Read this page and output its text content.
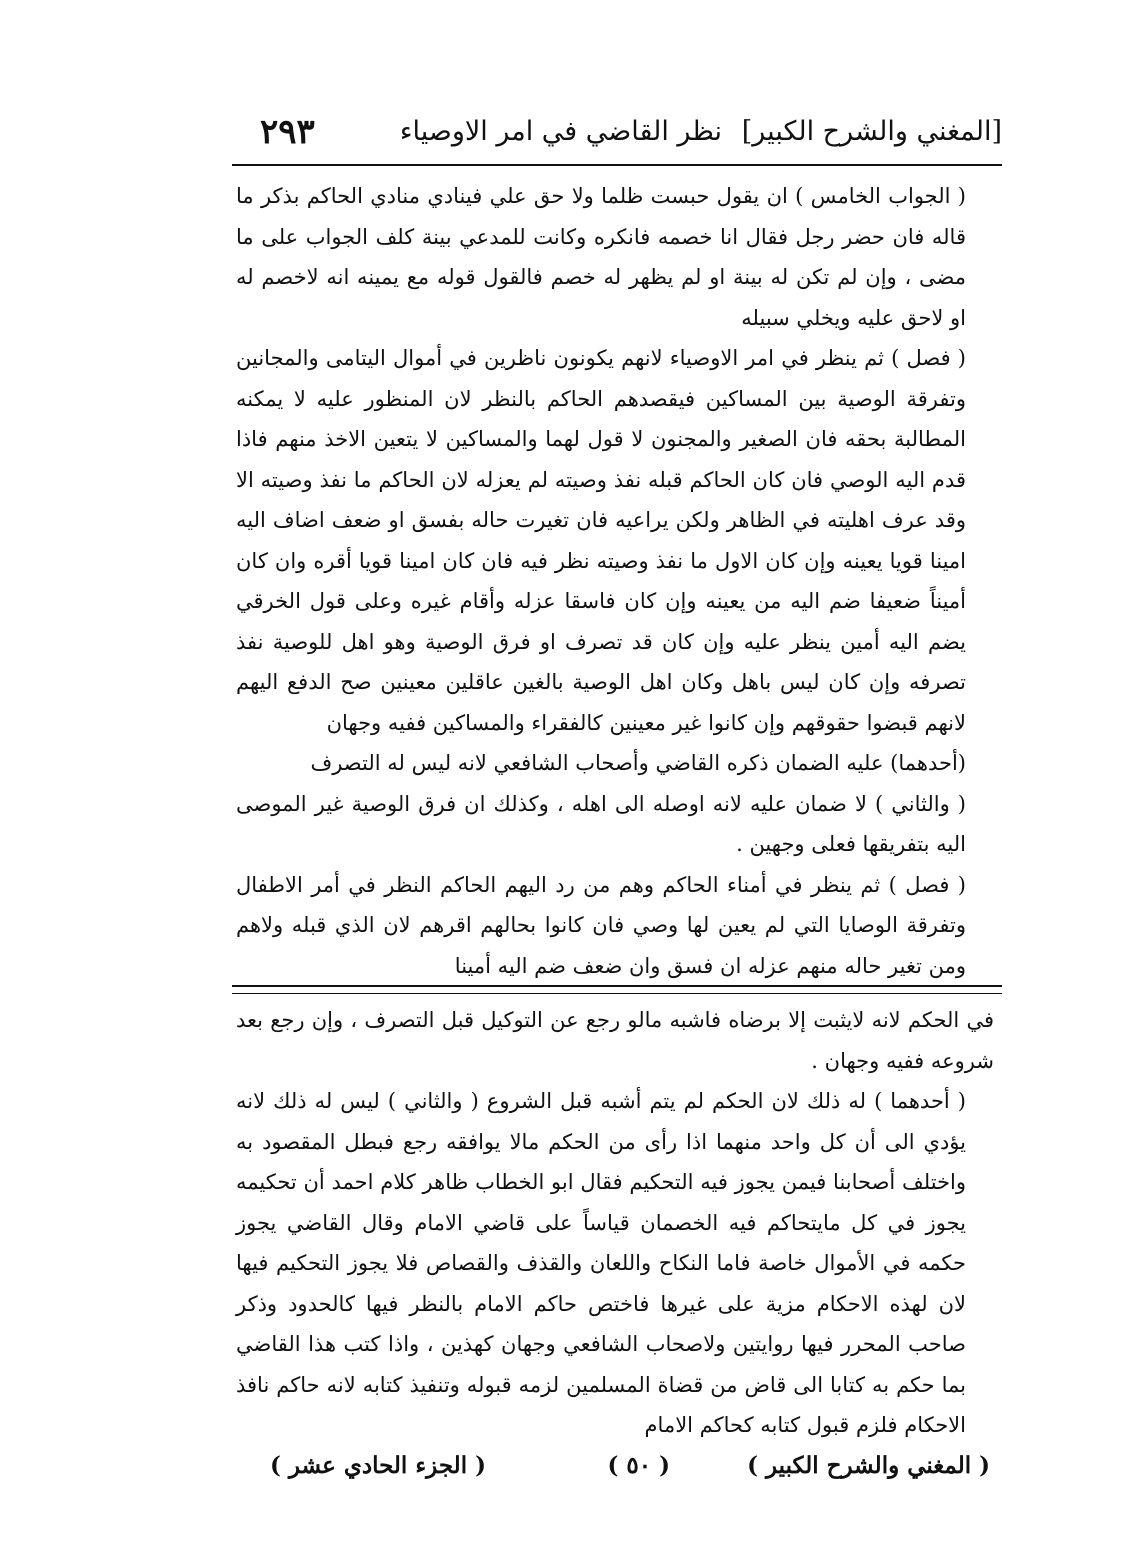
[المغني والشرح الكبير]
نظر القاضي في امر الاوصياء
٢٩٣

( الجواب الخامس ) ان يقول حبست ظلما ولا حق علي فينادي منادي الحاكم بذكر ما قاله فان حضر رجل فقال انا خصمه فانكره وكانت للمدعي بينة كلف الجواب على ما مضى ، وإن لم تكن له بينة او لم يظهر له خصم فالقول قوله مع يمينه انه لاخصم له او لاحق عليه ويخلي سبيله

( فصل ) ثم ينظر في امر الاوصياء لانهم يكونون ناظرين في أموال اليتامى والمجانين وتفرقة الوصية بين المساكين فيقصدهم الحاكم بالنظر لان المنظور عليه لا يمكنه المطالبة بحقه فان الصغير والمجنون لا قول لهما والمساكين لا يتعين الاخذ منهم فاذا قدم اليه الوصي فان كان الحاكم قبله نفذ وصيته لم يعزله لان الحاكم ما نفذ وصيته الا وقد عرف اهليته في الظاهر ولكن يراعيه فان تغيرت حاله بفسق او ضعف اضاف اليه امينا قويا يعينه وإن كان الاول ما نفذ وصيته نظر فيه فان كان امينا قويا أقره وان كان أميناً ضعيفا ضم اليه من يعينه وإن كان فاسقا عزله وأقام غيره وعلى قول الخرقي يضم اليه أمين ينظر عليه وإن كان قد تصرف او فرق الوصية وهو اهل للوصية نفذ تصرفه وإن كان ليس باهل وكان اهل الوصية بالغين عاقلين معينين صح الدفع اليهم لانهم قبضوا حقوقهم وإن كانوا غير معينين كالفقراء والمساكين ففيه وجهان

(أحدهما) عليه الضمان ذكره القاضي وأصحاب الشافعي لانه ليس له التصرف

( والثاني ) لا ضمان عليه لانه اوصله الى اهله ، وكذلك ان فرق الوصية غير الموصى اليه بتفريقها فعلى وجهين .

( فصل ) ثم ينظر في أمناء الحاكم وهم من رد اليهم الحاكم النظر في أمر الاطفال وتفرقة الوصايا التي لم يعين لها وصي فان كانوا بحالهم اقرهم لان الذي قبله ولاهم ومن تغير حاله منهم عزله ان فسق وان ضعف ضم اليه أمينا

في الحكم لانه لايثبت إلا برضاه فاشبه مالو رجع عن التوكيل قبل التصرف ، وإن رجع بعد شروعه ففيه وجهان .

( أحدهما ) له ذلك لان الحكم لم يتم أشبه قبل الشروع ( والثاني ) ليس له ذلك لانه يؤدي الى أن كل واحد منهما اذا رأى من الحكم مالا يوافقه رجع فبطل المقصود به واختلف أصحابنا فيمن يجوز فيه التحكيم فقال ابو الخطاب ظاهر كلام احمد أن تحكيمه يجوز في كل مايتحاكم فيه الخصمان قياساً على قاضي الامام وقال القاضي يجوز حكمه في الأموال خاصة فاما النكاح واللعان والقذف والقصاص فلا يجوز التحكيم فيها لان لهذه الاحكام مزية على غيرها فاختص حاكم الامام بالنظر فيها كالحدود وذكر صاحب المحرر فيها روايتين ولاصحاب الشافعي وجهان كهذين ، واذا كتب هذا القاضي بما حكم به كتابا الى قاض من قضاة المسلمين لزمه قبوله وتنفيذ كتابه لانه حاكم نافذ الاحكام فلزم قبول كتابه كحاكم الامام

( المغني والشرح الكبير )
( ٥٠ )
( الجزء الحادي عشر )
